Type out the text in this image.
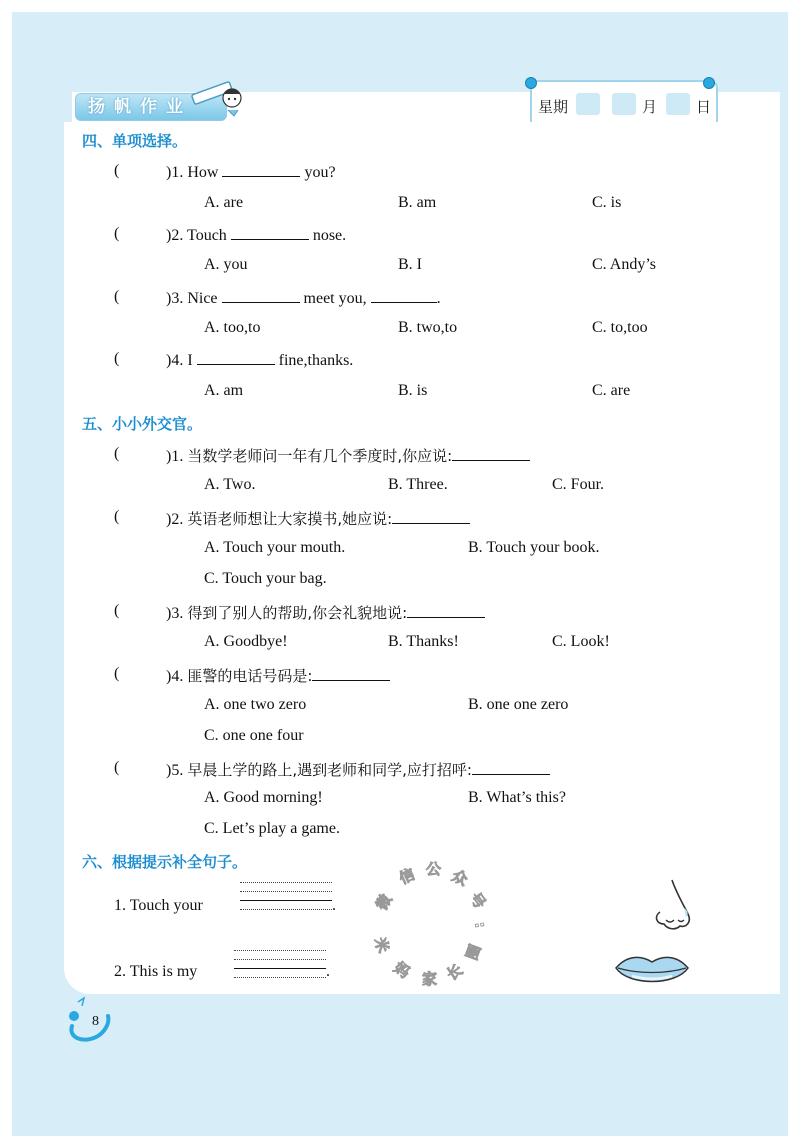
扬帆作业	星期	月	日
四、单项选择。
(	)1. How	you?
A. are	B. am	C. is
(	)2. Touch	nose.
A. you	B. I	C. Andy’s
(	)3. Nice	meet you,	.
A. too,to	B. two,to	C. to,too
(	)4. I	fine,thanks.
A. am	B. is	C. are
五、小小外交官。
(	)1. 当数学老师问一年有几个季度时,你应说:
A. Two.	B. Three.	C. Four.
(	)2. 英语老师想让大家摸书,她应说:
A. Touch your mouth.	B. Touch your book.
C. Touch your bag.
(	)3. 得到了别人的帮助,你会礼貌地说:
A. Goodbye!	B. Thanks!	C. Look!
(	)4. 匪警的电话号码是:
A. one two zero	B. one one zero
C. one one four
(	)5. 早晨上学的路上,遇到老师和同学,应打招呼:
A. Good morning!	B. What’s this?
C. Let’s play a game.
六、根据提示补全句子。
1. Touch your	.
2. This is my	.
微
信 公 众
号
:
圈
长
家
妈
米
8
